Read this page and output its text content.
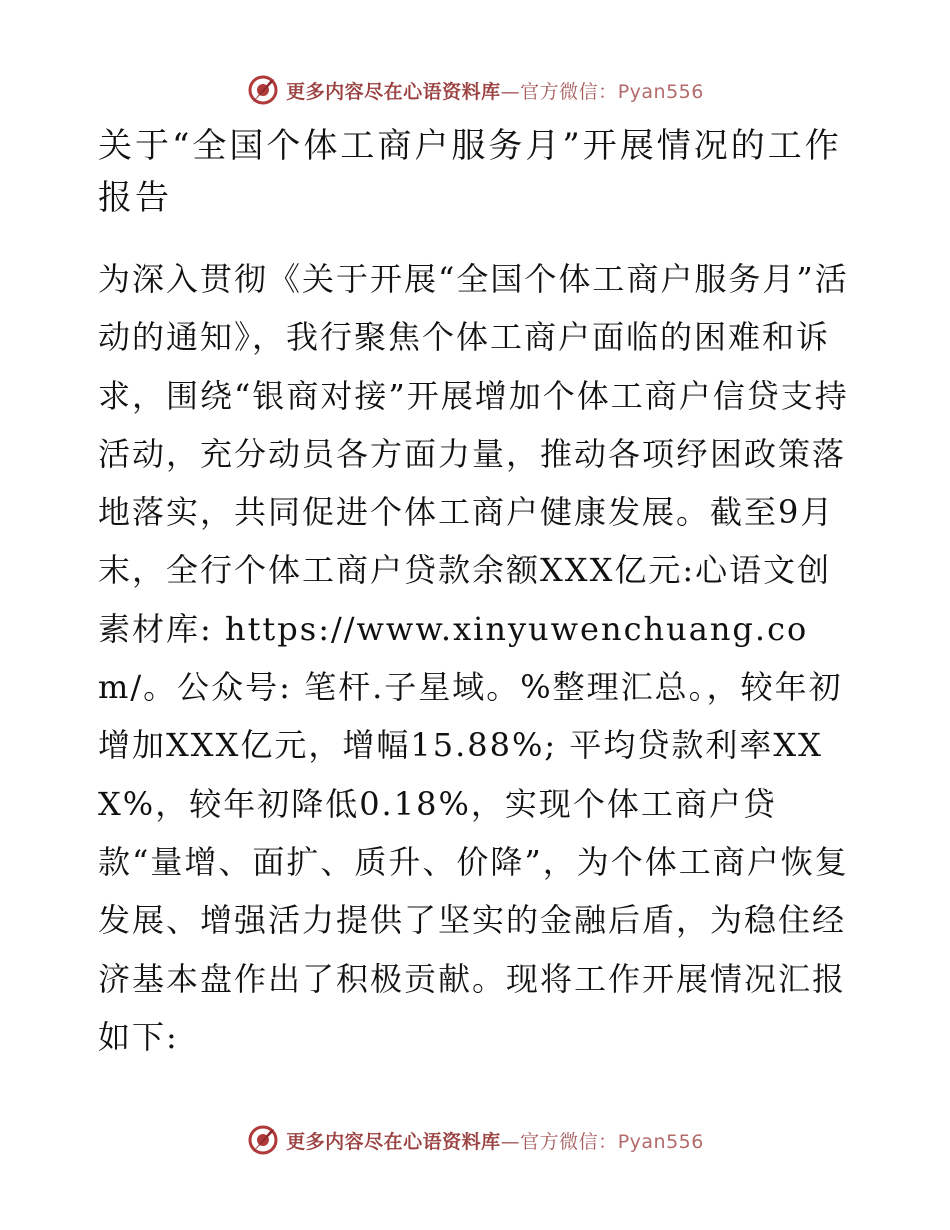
更多内容尽在心语资料库—官方微信：Pyan556
关于“全国个体工商户服务月”开展情况的工作报告

为深入贯彻《关于开展“全国个体工商户服务月”活动的通知》，我行聚焦个体工商户面临的困难和诉求，围绕“银商对接”开展增加个体工商户信贷支持活动，充分动员各方面力量，推动各项纾困政策落地落实，共同促进个体工商户健康发展。截至9月末，全行个体工商户贷款余额XXX亿元:心语文创素材库: https://www.xinyuwenchuang.com/。公众号: 笔杆.子星域。%整理汇总。，较年初增加XXX亿元，增幅15.88%; 平均贷款利率XXX%，较年初降低0.18%，实现个体工商户贷款“量增、面扩、质升、价降”，为个体工商户恢复发展、增强活力提供了坚实的金融后盾，为稳住经济基本盘作出了积极贡献。现将工作开展情况汇报如下:

更多内容尽在心语资料库—官方微信：Pyan556
